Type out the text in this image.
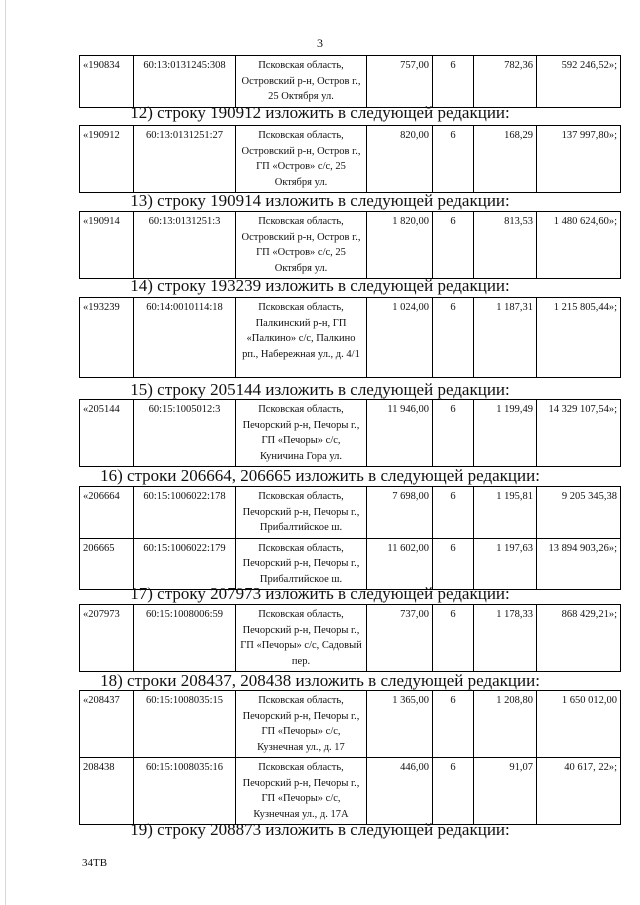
3
34ТВ
«190834	60:13:0131245:308	Псковская область, Островский р-н, Остров г., 25 Октября ул.	757,00	6	782,36	592 246,52»;
12) строку 190912 изложить в следующей редакции:
«190912	60:13:0131251:27	Псковская область, Островский р-н, Остров г., ГП «Остров» с/с, 25 Октября ул.	820,00	6	168,29	137 997,80»;
13) строку 190914 изложить в следующей редакции:
«190914	60:13:0131251:3	Псковская область, Островский р-н, Остров г., ГП «Остров» с/с, 25 Октября ул.	1 820,00	6	813,53	1 480 624,60»;
14) строку 193239 изложить в следующей редакции:
«193239	60:14:0010114:18	Псковская область, Палкинский р-н, ГП «Палкино» с/с, Палкино рп., Набережная ул., д. 4/1	1 024,00	6	1 187,31	1 215 805,44»;
15) строку 205144 изложить в следующей редакции:
«205144	60:15:1005012:3	Псковская область, Печорский р-н, Печоры г., ГП «Печоры» с/с, Куничина Гора ул.	11 946,00	6	1 199,49	14 329 107,54»;
16) строки 206664, 206665 изложить в следующей редакции:
«206664	60:15:1006022:178	Псковская область, Печорский р-н, Печоры г., Прибалтийское ш.	7 698,00	6	1 195,81	9 205 345,38
206665	60:15:1006022:179	Псковская область, Печорский р-н, Печоры г., Прибалтийское ш.	11 602,00	6	1 197,63	13 894 903,26»;
17) строку 207973 изложить в следующей редакции:
«207973	60:15:1008006:59	Псковская область, Печорский р-н, Печоры г., ГП «Печоры» с/с, Садовый пер.	737,00	6	1 178,33	868 429,21»;
18) строки 208437, 208438 изложить в следующей редакции:
«208437	60:15:1008035:15	Псковская область, Печорский р-н, Печоры г., ГП «Печоры» с/с, Кузнечная ул., д. 17	1 365,00	6	1 208,80	1 650 012,00
208438	60:15:1008035:16	Псковская область, Печорский р-н, Печоры г., ГП «Печоры» с/с, Кузнечная ул., д. 17А	446,00	6	91,07	40 617, 22»;
19) строку 208873 изложить в следующей редакции:
